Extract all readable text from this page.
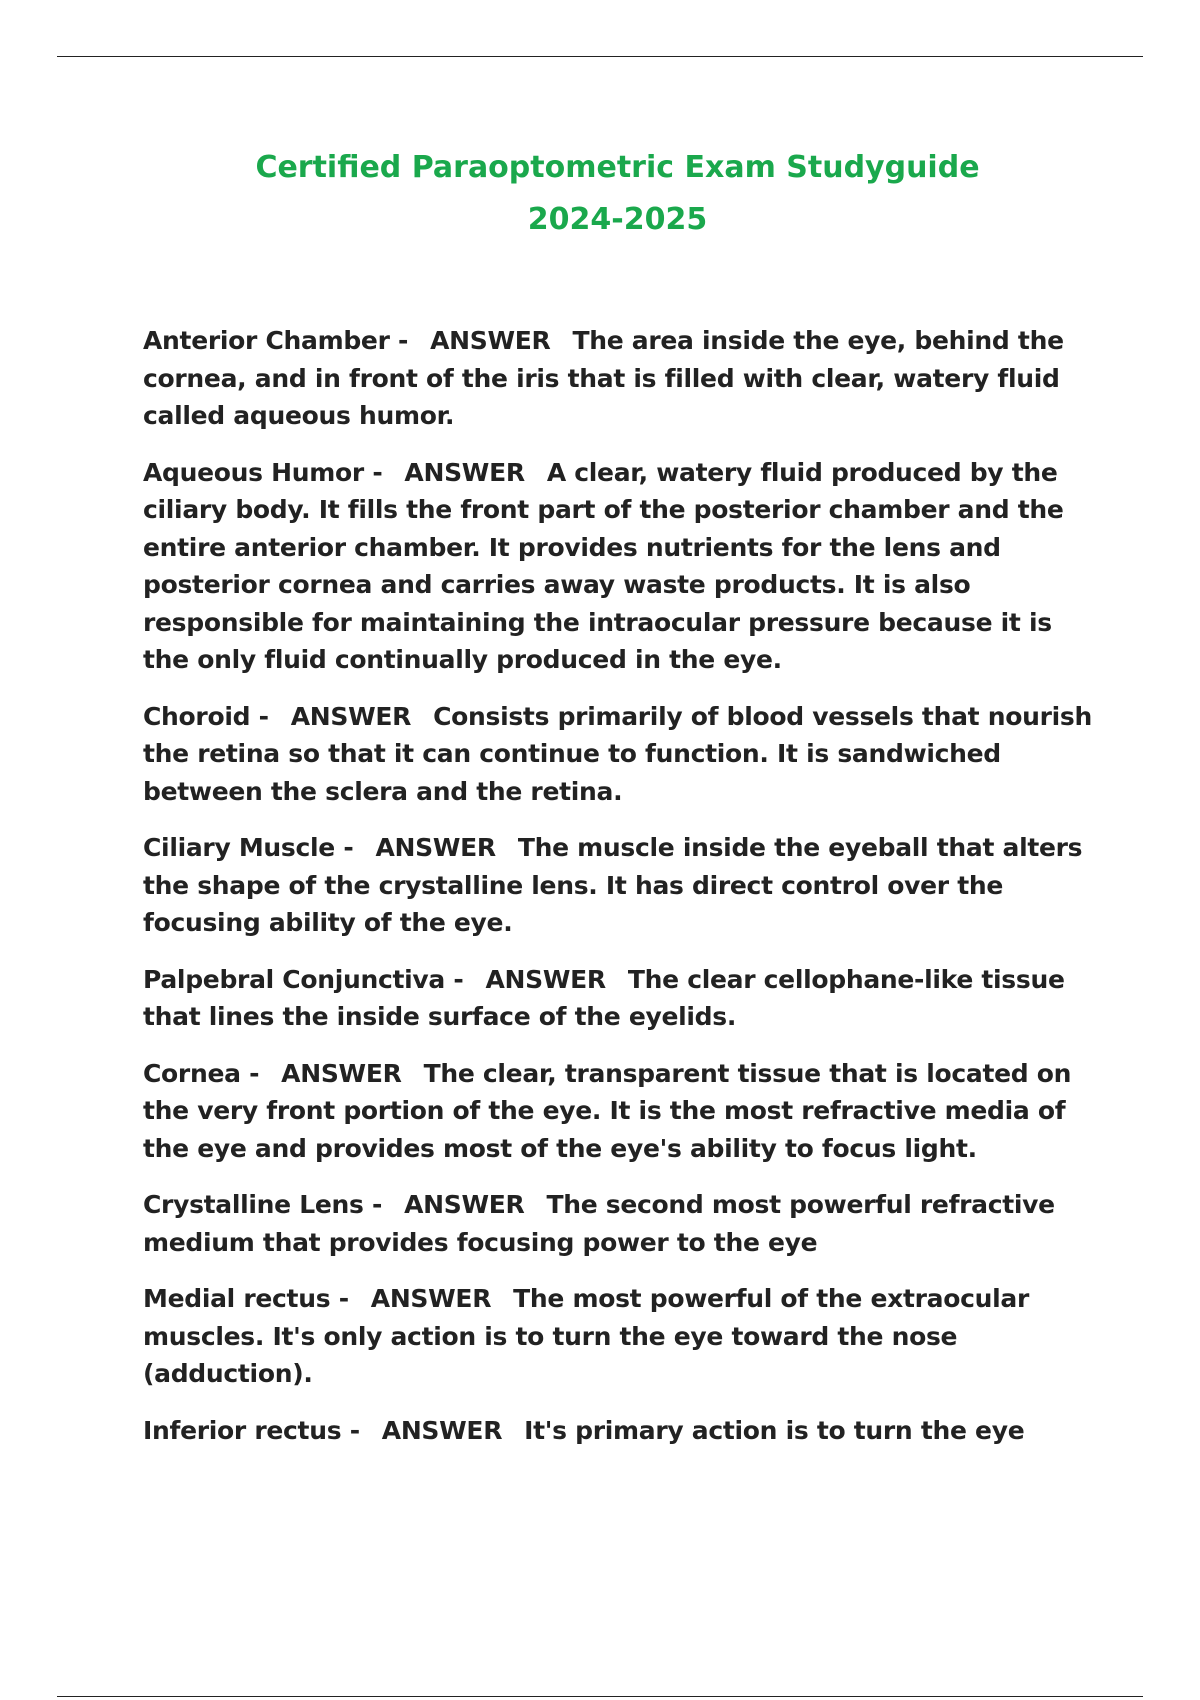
Certified Paraoptometric Exam Studyguide
2024-2025

Anterior Chamber - ANSWER The area inside the eye, behind the cornea, and in front of the iris that is filled with clear, watery fluid called aqueous humor.

Aqueous Humor - ANSWER A clear, watery fluid produced by the ciliary body. It fills the front part of the posterior chamber and the entire anterior chamber. It provides nutrients for the lens and posterior cornea and carries away waste products. It is also responsible for maintaining the intraocular pressure because it is the only fluid continually produced in the eye.

Choroid - ANSWER Consists primarily of blood vessels that nourish the retina so that it can continue to function. It is sandwiched between the sclera and the retina.

Ciliary Muscle - ANSWER The muscle inside the eyeball that alters the shape of the crystalline lens. It has direct control over the focusing ability of the eye.

Palpebral Conjunctiva - ANSWER The clear cellophane-like tissue that lines the inside surface of the eyelids.

Cornea - ANSWER The clear, transparent tissue that is located on the very front portion of the eye. It is the most refractive media of the eye and provides most of the eye's ability to focus light.

Crystalline Lens - ANSWER The second most powerful refractive medium that provides focusing power to the eye

Medial rectus - ANSWER The most powerful of the extraocular muscles. It's only action is to turn the eye toward the nose (adduction).

Inferior rectus - ANSWER It's primary action is to turn the eye
